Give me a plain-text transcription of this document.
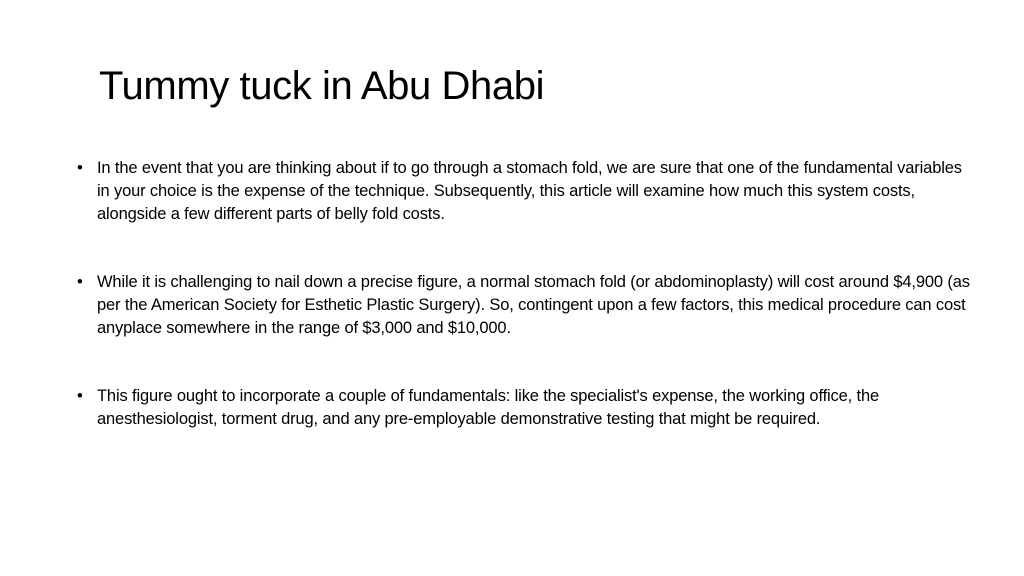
Tummy tuck in Abu Dhabi
• In the event that you are thinking about if to go through a stomach fold, we are sure that one of the fundamental variables in your choice is the expense of the technique. Subsequently, this article will examine how much this system costs, alongside a few different parts of belly fold costs.
• While it is challenging to nail down a precise figure, a normal stomach fold (or abdominoplasty) will cost around $4,900 (as per the American Society for Esthetic Plastic Surgery). So, contingent upon a few factors, this medical procedure can cost anyplace somewhere in the range of $3,000 and $10,000.
• This figure ought to incorporate a couple of fundamentals: like the specialist's expense, the working office, the anesthesiologist, torment drug, and any pre-employable demonstrative testing that might be required.
